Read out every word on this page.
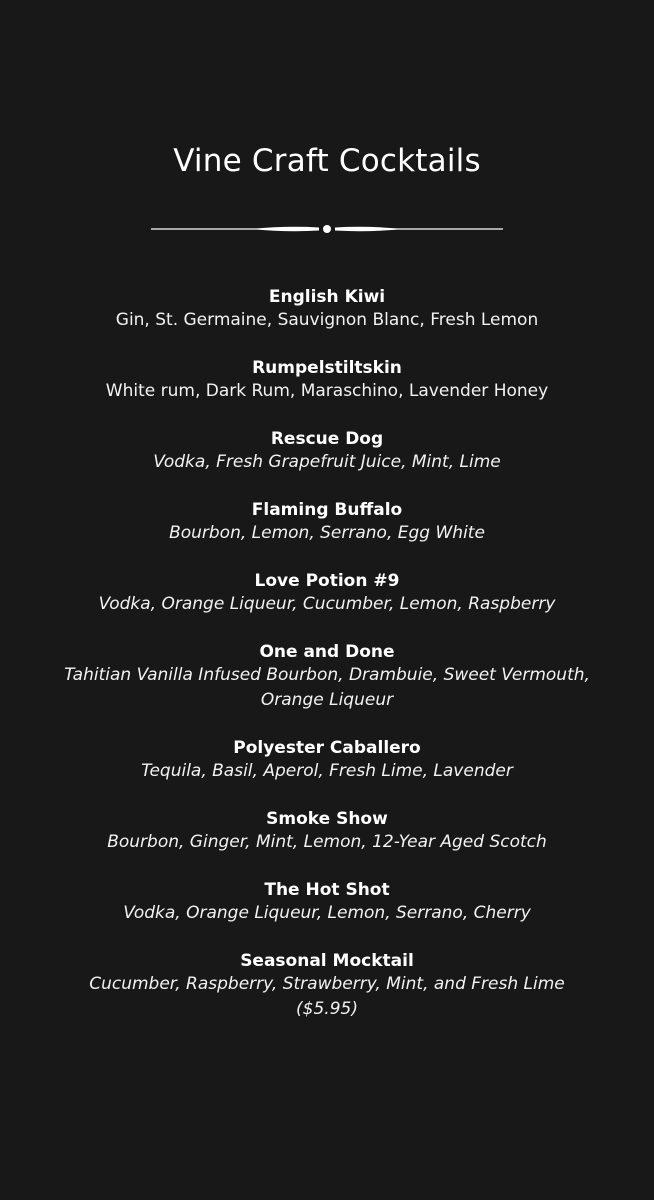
Vine Craft Cocktails
English Kiwi
Gin, St. Germaine, Sauvignon Blanc, Fresh Lemon
Rumpelstiltskin
White rum, Dark Rum, Maraschino, Lavender Honey
Rescue Dog
Vodka, Fresh Grapefruit Juice, Mint, Lime
Flaming Buffalo
Bourbon, Lemon, Serrano, Egg White
Love Potion #9
Vodka, Orange Liqueur, Cucumber, Lemon, Raspberry
One and Done
Tahitian Vanilla Infused Bourbon, Drambuie, Sweet Vermouth, Orange Liqueur
Polyester Caballero
Tequila, Basil, Aperol, Fresh Lime, Lavender
Smoke Show
Bourbon, Ginger, Mint, Lemon, 12-Year Aged Scotch
The Hot Shot
Vodka, Orange Liqueur, Lemon, Serrano, Cherry
Seasonal Mocktail
Cucumber, Raspberry, Strawberry, Mint, and Fresh Lime ($5.95)
